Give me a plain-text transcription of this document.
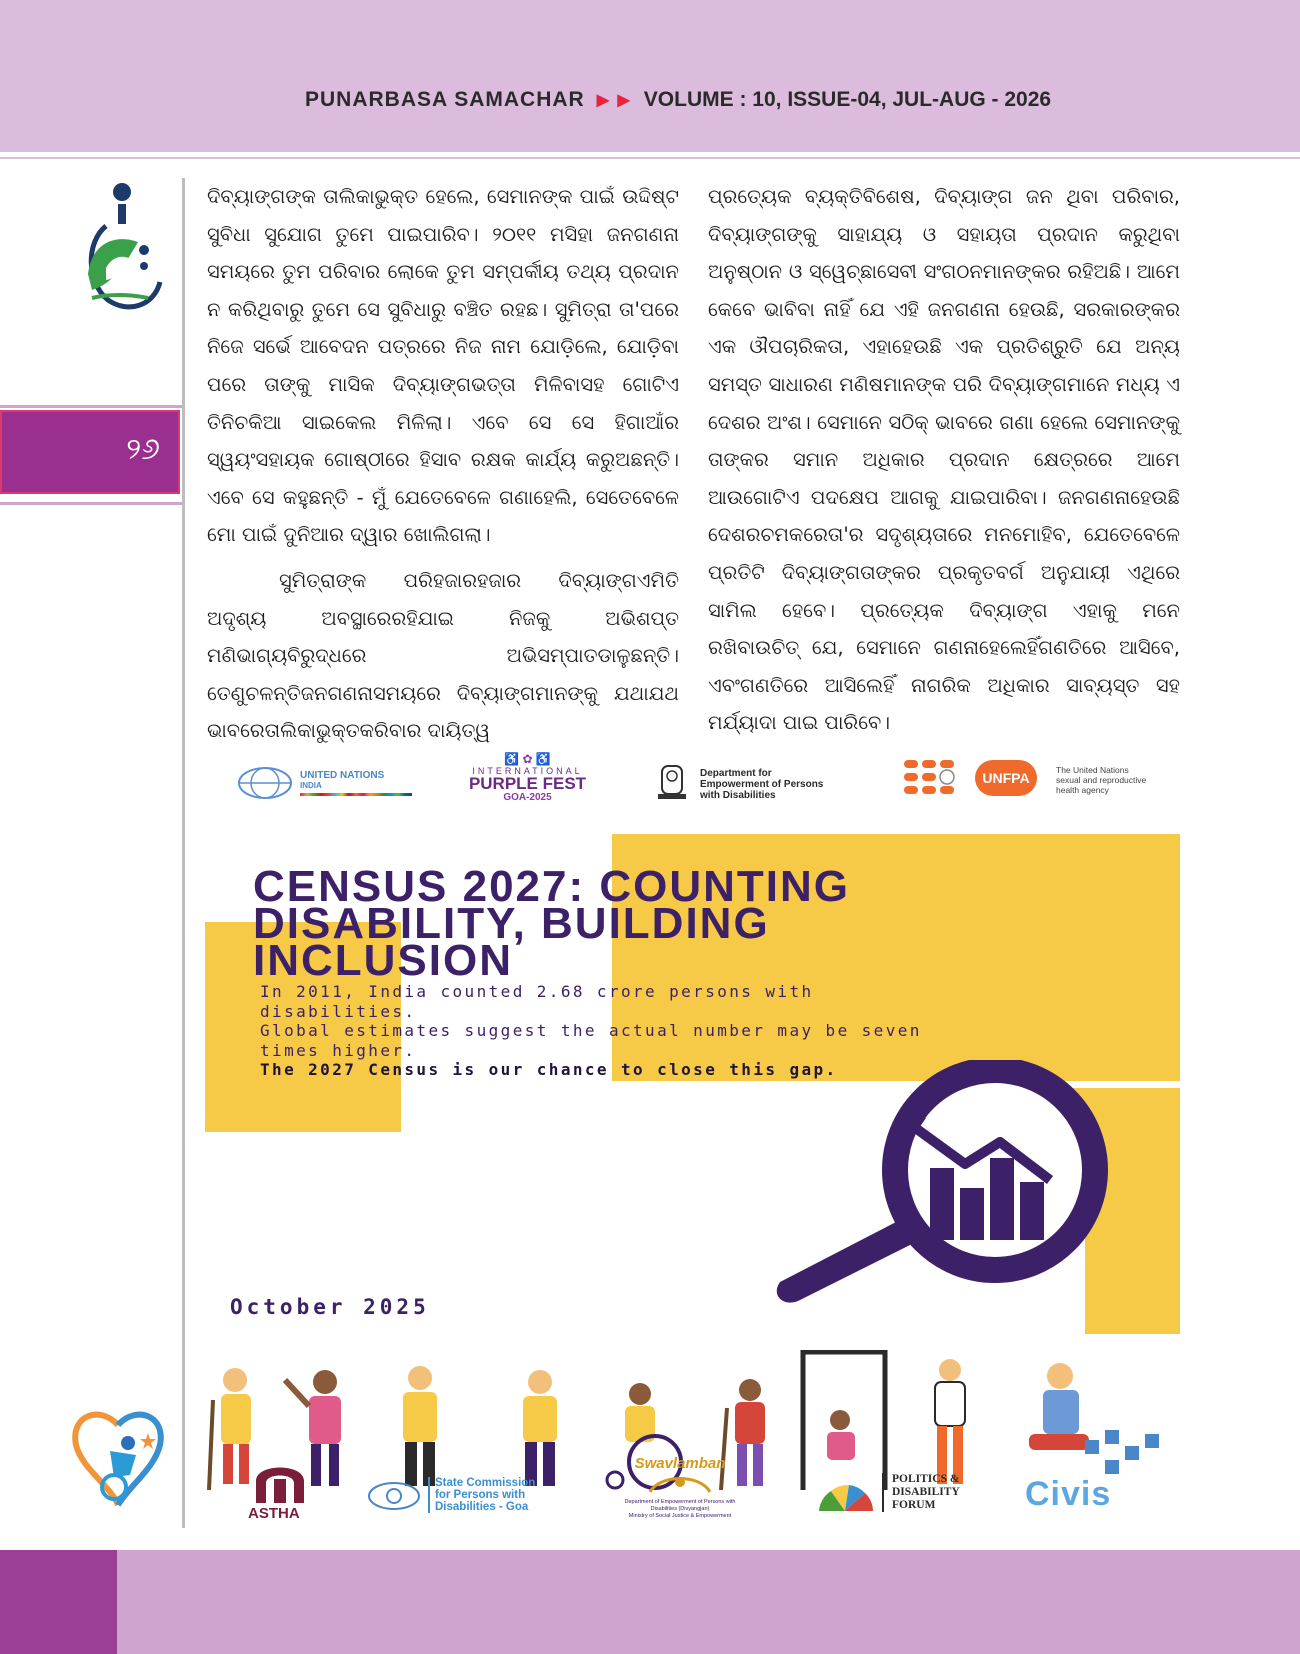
PUNARBASA SAMACHAR ▶ ▶ VOLUME : 10, ISSUE-04, JUL-AUG - 2026
୨୬

ଦିବ୍ୟାଙ୍ଗଙ୍କ ତାଲିକାଭୁକ୍ତ ହେଲେ, ସେମାନଙ୍କ ପାଇଁ ଉଦ୍ଦିଷ୍ଟ ସୁବିଧା ସୁଯୋଗ ତୁମେ ପାଇପାରିବ। ୨୦୧୧ ମସିହା ଜନଗଣନା ସମୟରେ ତୁମ ପରିବାର ଲୋକେ ତୁମ ସମ୍ପର୍କୀୟ ତଥ୍ୟ ପ୍ରଦାନ ନ କରିଥିବାରୁ ତୁମେ ସେ ସୁବିଧାରୁ ବଞ୍ଚିତ ରହଛ। ସୁମିତ୍ରା ତା'ପରେ ନିଜେ ସର୍ଭେ ଆବେଦନ ପତ୍ରରେ ନିଜ ନାମ ଯୋଡ଼ିଲେ, ଯୋଡ଼ିବା ପରେ ତାଙ୍କୁ ମାସିକ ଦିବ୍ୟାଙ୍ଗଭତ୍ତା ମିଳିବାସହ ଗୋଟିଏ ତିନିଚକିଆ ସାଇକେଲ ମିଳିଲା। ଏବେ ସେ ସେ ହିଗାଆଁର ସ୍ୱୟଂସହାୟକ ଗୋଷ୍ଠୀରେ ହିସାବ ରକ୍ଷକ କାର୍ଯ୍ୟ କରୁଅଛନ୍ତି। ଏବେ ସେ କହୁଛନ୍ତି - ମୁଁ ଯେତେବେଳେ ଗଣାହେଲି, ସେତେବେଳେ ମୋ ପାଇଁ ଦୁନିଆର ଦ୍ୱାର ଖୋଲିଗଲା।

ସୁମିତ୍ରାଙ୍କ ପରିହଜାରହଜାର ଦିବ୍ୟାଙ୍ଗଏମିତି ଅଦୃଶ୍ୟ ଅବସ୍ଥାରେରହିଯାଇ ନିଜକୁ ଅଭିଶପ୍ତ ମଣିଭାଗ୍ୟବିରୁଦ୍ଧରେ ଅଭିସମ୍ପାତଡାଳୁଛନ୍ତି।ତେଣୁଚଳନ୍ତିଜନଗଣନାସମୟରେ ଦିବ୍ୟାଙ୍ଗମାନଙ୍କୁ ଯଥାଯଥ ଭାବରେତାଲିକାଭୁକ୍ତକରିବାର ଦାୟିତ୍ୱ

ପ୍ରତ୍ୟେକ ବ୍ୟକ୍ତିବିଶେଷ, ଦିବ୍ୟାଙ୍ଗ ଜନ ଥିବା ପରିବାର, ଦିବ୍ୟାଙ୍ଗଙ୍କୁ ସାହାଯ୍ୟ ଓ ସହାୟତା ପ୍ରଦାନ କରୁଥିବା ଅନୁଷ୍ଠାନ ଓ ସ୍ୱେଚ୍ଛାସେବୀ ସଂଗଠନମାନଙ୍କର ରହିଅଛି। ଆମେ କେବେ ଭାବିବା ନାହିଁ ଯେ ଏହି ଜନଗଣନା ହେଉଛି, ସରକାରଙ୍କର ଏକ ଔପଚାରିକତା, ଏହାହେଉଛି ଏକ ପ୍ରତିଶ୍ରୁତି ଯେ ଅନ୍ୟ ସମସ୍ତ ସାଧାରଣ ମଣିଷମାନଙ୍କ ପରି ଦିବ୍ୟାଙ୍ଗମାନେ ମଧ୍ୟ ଏ ଦେଶର ଅଂଶ। ସେମାନେ ସଠିକ୍ ଭାବରେ ଗଣା ହେଲେ ସେମାନଙ୍କୁ ତାଙ୍କର ସମାନ ଅଧିକାର ପ୍ରଦାନ କ୍ଷେତ୍ରରେ ଆମେ ଆଉଗୋଟିଏ ପଦକ୍ଷେପ ଆଗକୁ ଯାଇପାରିବା। ଜନଗଣନାହେଉଛି ଦେଶରଚମକରେତା'ର ସଦୃଶ୍ୟତାରେ ମନମୋହିବ, ଯେତେବେଳେ ପ୍ରତିଟି ଦିବ୍ୟାଙ୍ଗତାଙ୍କର ପ୍ରକୃତବର୍ଗ ଅନୁଯାୟୀ ଏଥିରେ ସାମିଲ ହେବେ। ପ୍ରତ୍ୟେକ ଦିବ୍ୟାଙ୍ଗ ଏହାକୁ ମନେ ରଖିବାଉଚିତ୍ ଯେ, ସେମାନେ ଗଣନାହେଲେହିଁଗଣତିରେ ଆସିବେ, ଏବଂଗଣତିରେ ଆସିଲେହିଁ ନାଗରିକ ଅଧିକାର ସାବ୍ୟସ୍ତ ସହ ମର୍ଯ୍ୟାଦା ପାଇ ପାରିବେ।

UNITED NATIONS
INDIA
♿ ✿ ♿
INTERNATIONAL
PURPLE FEST
GOA-2025
Department for
Empowerment of Persons
with Disabilities
UNFPA	The United Nations
sexual and reproductive
health agency
CENSUS 2027: COUNTING
DISABILITY, BUILDING
INCLUSION
In 2011, India counted 2.68 crore persons with
disabilities.
Global estimates suggest the actual number may be seven
times higher.
The 2027 Census is our chance to close this gap.
October 2025
ASTHA
State Commission
for Persons with
Disabilities - Goa
Swavlamban
Department of Empowerment of Persons with
Disabilities (Divyangjan)
Ministry of Social Justice & Empowerment
POLITICS &
DISABILITY
FORUM	Civis
